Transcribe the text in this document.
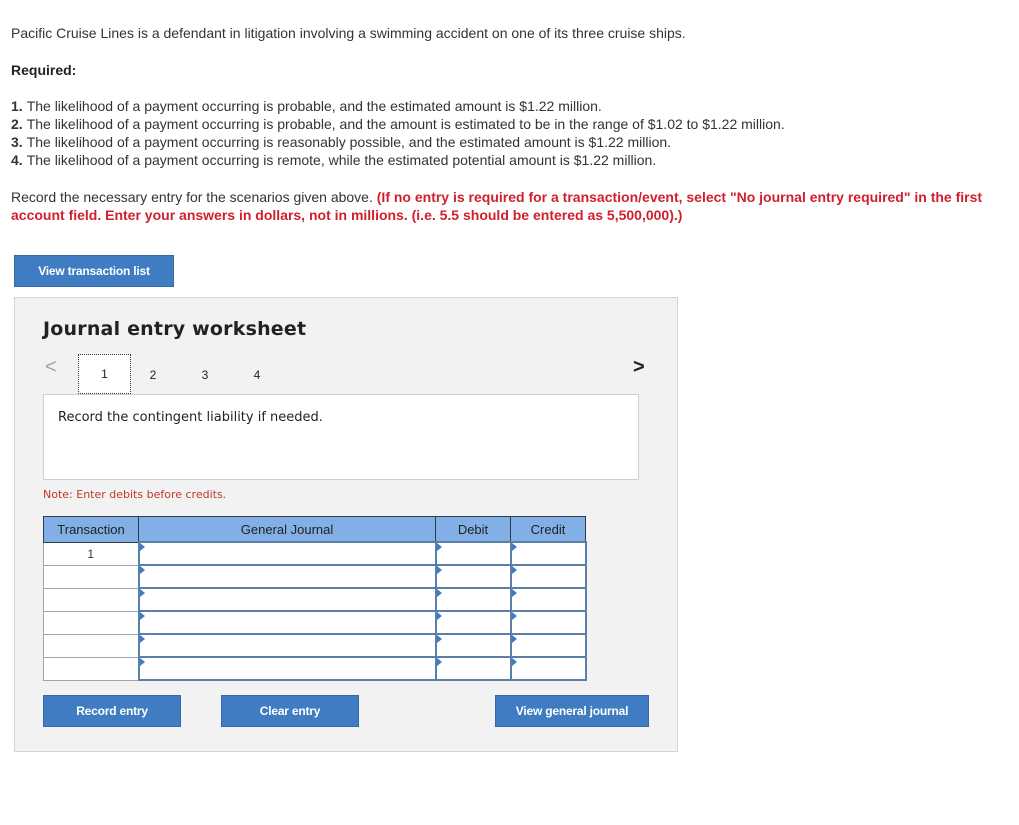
Pacific Cruise Lines is a defendant in litigation involving a swimming accident on one of its three cruise ships.
Required:
1. The likelihood of a payment occurring is probable, and the estimated amount is $1.22 million.
2. The likelihood of a payment occurring is probable, and the amount is estimated to be in the range of $1.02 to $1.22 million.
3. The likelihood of a payment occurring is reasonably possible, and the estimated amount is $1.22 million.
4. The likelihood of a payment occurring is remote, while the estimated potential amount is $1.22 million.
Record the necessary entry for the scenarios given above. (If no entry is required for a transaction/event, select "No journal entry required" in the first account field. Enter your answers in dollars, not in millions. (i.e. 5.5 should be entered as 5,500,000).)
View transaction list
Journal entry worksheet
<	1	2	3	4	>
Record the contingent liability if needed.
Note: Enter debits before credits.
Transaction	General Journal	Debit	Credit
1	

Record entry	Clear entry	View general journal
